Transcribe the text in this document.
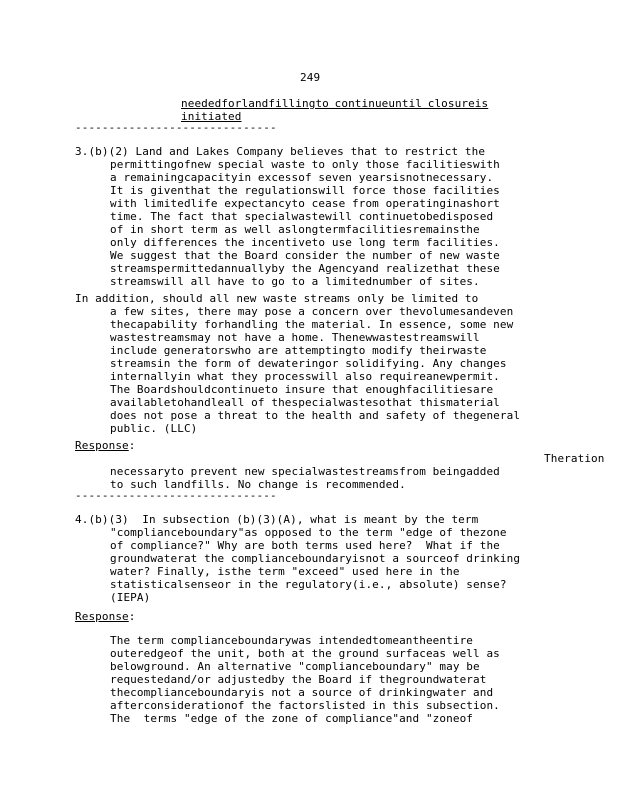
249
neededforlandfillingto continueuntil closureis
initiated
------------------------------
3.(b)(2) Land and Lakes Company believes that to restrict the
permittingofnew special waste to only those facilitieswith
a remainingcapacityin excessof seven yearsisnotnecessary.
It is giventhat the regulationswill force those facilities
with limitedlife expectancyto cease from operatinginashort
time. The fact that specialwastewill continuetobedisposed
of in short term as well aslongtermfacilitiesremainsthe
only differences the incentiveto use long term facilities.
We suggest that the Board consider the number of new waste
streamspermittedannuallyby the Agencyand realizethat these
streamswill all have to go to a limitednumber of sites.
In addition, should all new waste streams only be limited to
a few sites, there may pose a concern over thevolumesandeven
thecapability forhandling the material. In essence, some new
wastestreamsmay not have a home. Thenewwastestreamswill
include generatorswho are attemptingto modify theirwaste
streamsin the form of dewateringor solidifying. Any changes
internallyin what they processwill also requireanewpermit.
The Boardshouldcontinueto insure that enoughfacilitiesare
availabletohandleall of thespecialwastesothat thismaterial
does not pose a threat to the health and safety of thegeneral
public. (LLC)
Response:
Theration
necessaryto prevent new specialwastestreamsfrom beingadded
to such landfills. No change is recommended.
------------------------------
4.(b)(3)  In subsection (b)(3)(A), what is meant by the term
"complianceboundary"as opposed to the term "edge of thezone
of compliance?" Why are both terms used here?  What if the
groundwaterat the complianceboundaryisnot a sourceof drinking
water? Finally, isthe term "exceed" used here in the
statisticalsenseor in the regulatory(i.e., absolute) sense?
(IEPA)
Response:
The term complianceboundarywas intendedtomeantheentire
outeredgeof the unit, both at the ground surfaceas well as
belowground. An alternative "complianceboundary" may be
requestedand/or adjustedby the Board if thegroundwaterat
thecomplianceboundaryis not a source of drinkingwater and
afterconsiderationof the factorslisted in this subsection.
The  terms "edge of the zone of compliance"and "zoneof
